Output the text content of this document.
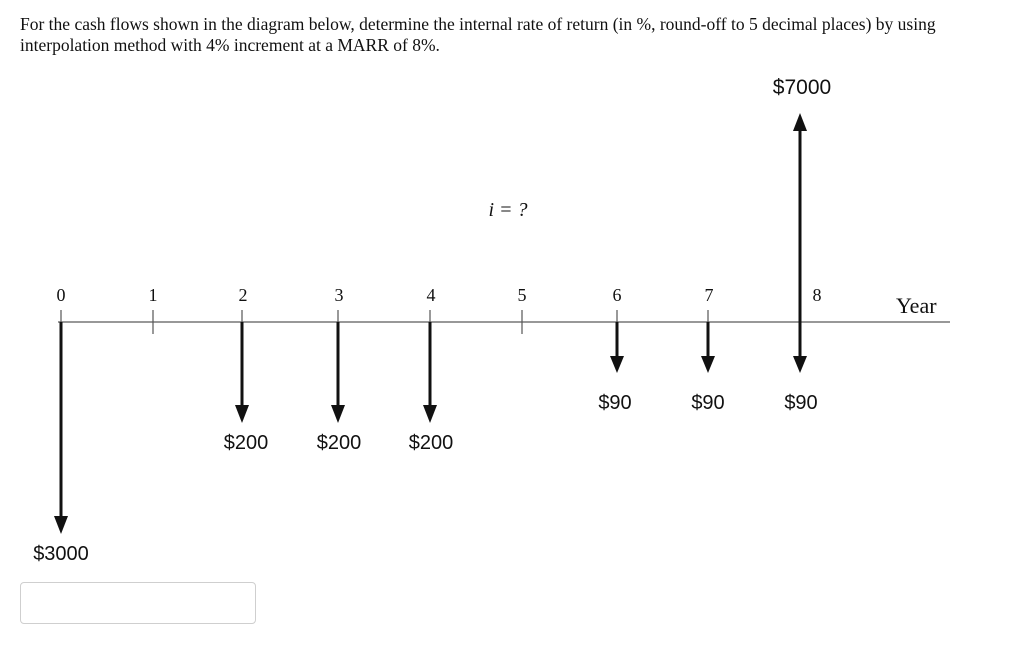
For the cash flows shown in the diagram below, determine the internal rate of return (in %, round-off to 5 decimal places) by using interpolation method with 4% increment at a MARR of 8%.
0	1	2	3	4	5	6	7	8	Year
i = ?
$3000
$200 $200 $200
$90	$90	$90
$7000
